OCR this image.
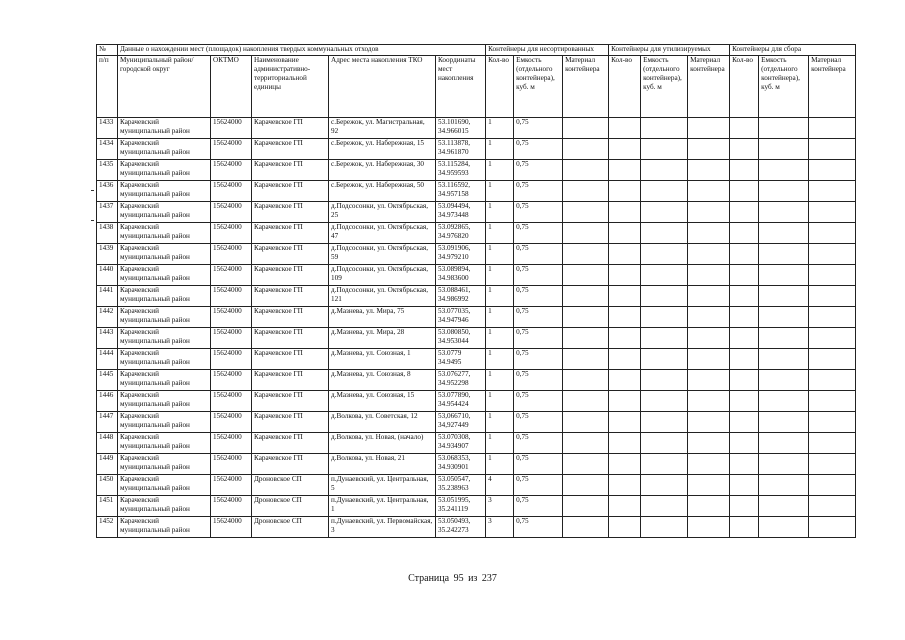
№	Данные о нахождении мест (площадок) накопления твердых коммунальных отходов					Контейнеры для несортированных			Контейнеры для утилизируемых			Контейнеры для сбора		
п/п	Муниципальный район/городской округ	ОКТМО	Наименование административно-территориальной единицы	Адрес места накопления ТКО	Координаты мест накопления	Кол-во	Емкость (отдельного контейнера), куб. м	Материал контейнера	Кол-во	Емкость (отдельного контейнера), куб. м	Материал контейнера	Кол-во	Емкость (отдельного контейнера), куб. м	Материал контейнера
1433	Карачевский муниципальный район	15624000	Карачевское ГП	с.Бережок, ул. Магистральная, 92	53.101690, 34.966015	1	0,75							
1434	Карачевский муниципальный район	15624000	Карачевское ГП	с.Бережок, ул. Набережная, 15	53.113878, 34.961870	1	0,75							
1435	Карачевский муниципальный район	15624000	Карачевское ГП	с.Бережок, ул. Набережная, 30	53.115284, 34.959593	1	0,75							
1436	Карачевский муниципальный район	15624000	Карачевское ГП	с.Бережок, ул. Набережная, 50	53.116592, 34.957158	1	0,75							
1437	Карачевский муниципальный район	15624000	Карачевское ГП	д.Подсосонки, ул. Октябрьская, 25	53.094494, 34.973448	1	0,75							
1438	Карачевский муниципальный район	15624000	Карачевское ГП	д.Подсосонки, ул. Октябрьская, 47	53.092865, 34.976820	1	0,75							
1439	Карачевский муниципальный район	15624000	Карачевское ГП	д.Подсосонки, ул. Октябрьская, 59	53.091906, 34.979210	1	0,75							
1440	Карачевский муниципальный район	15624000	Карачевское ГП	д.Подсосонки, ул. Октябрьская, 109	53.089894, 34.983600	1	0,75							
1441	Карачевский муниципальный район	15624000	Карачевское ГП	д.Подсосонки, ул. Октябрьская, 121	53.088461, 34.986992	1	0,75							
1442	Карачевский муниципальный район	15624000	Карачевское ГП	д.Мазнева, ул. Мира, 75	53.077035, 34.947946	1	0,75							
1443	Карачевский муниципальный район	15624000	Карачевское ГП	д.Мазнева, ул. Мира, 28	53.080850, 34.953044	1	0,75							
1444	Карачевский муниципальный район	15624000	Карачевское ГП	д.Мазнева, ул. Союзная, 1	53.0779 34.9495	1	0,75							
1445	Карачевский муниципальный район	15624000	Карачевское ГП	д.Мазнева, ул. Союзная, 8	53.076277, 34.952298	1	0,75							
1446	Карачевский муниципальный район	15624000	Карачевское ГП	д.Мазнева, ул. Союзная, 15	53.077890, 34.954424	1	0,75							
1447	Карачевский муниципальный район	15624000	Карачевское ГП	д.Волкова, ул. Советская, 12	53,066710, 34,927449	1	0,75							
1448	Карачевский муниципальный район	15624000	Карачевское ГП	д.Волкова, ул. Новая, (начало)	53.070308, 34.934907	1	0,75							
1449	Карачевский муниципальный район	15624000	Карачевское ГП	д.Волкова, ул. Новая, 21	53.068353, 34.930901	1	0,75							
1450	Карачевский муниципальный район	15624000	Дроновское СП	п.Дунаевский, ул. Центральная, 5	53.050547, 35.238963	4	0,75							
1451	Карачевский муниципальный район	15624000	Дроновское СП	п.Дунаевский, ул. Центральная, 1	53.051995, 35.241119	3	0,75							
1452	Карачевский муниципальный район	15624000	Дроновское СП	п.Дунаевский, ул. Первомайская, 3	53.050493, 35.242273	3	0,75							
Страница 95 из 237
